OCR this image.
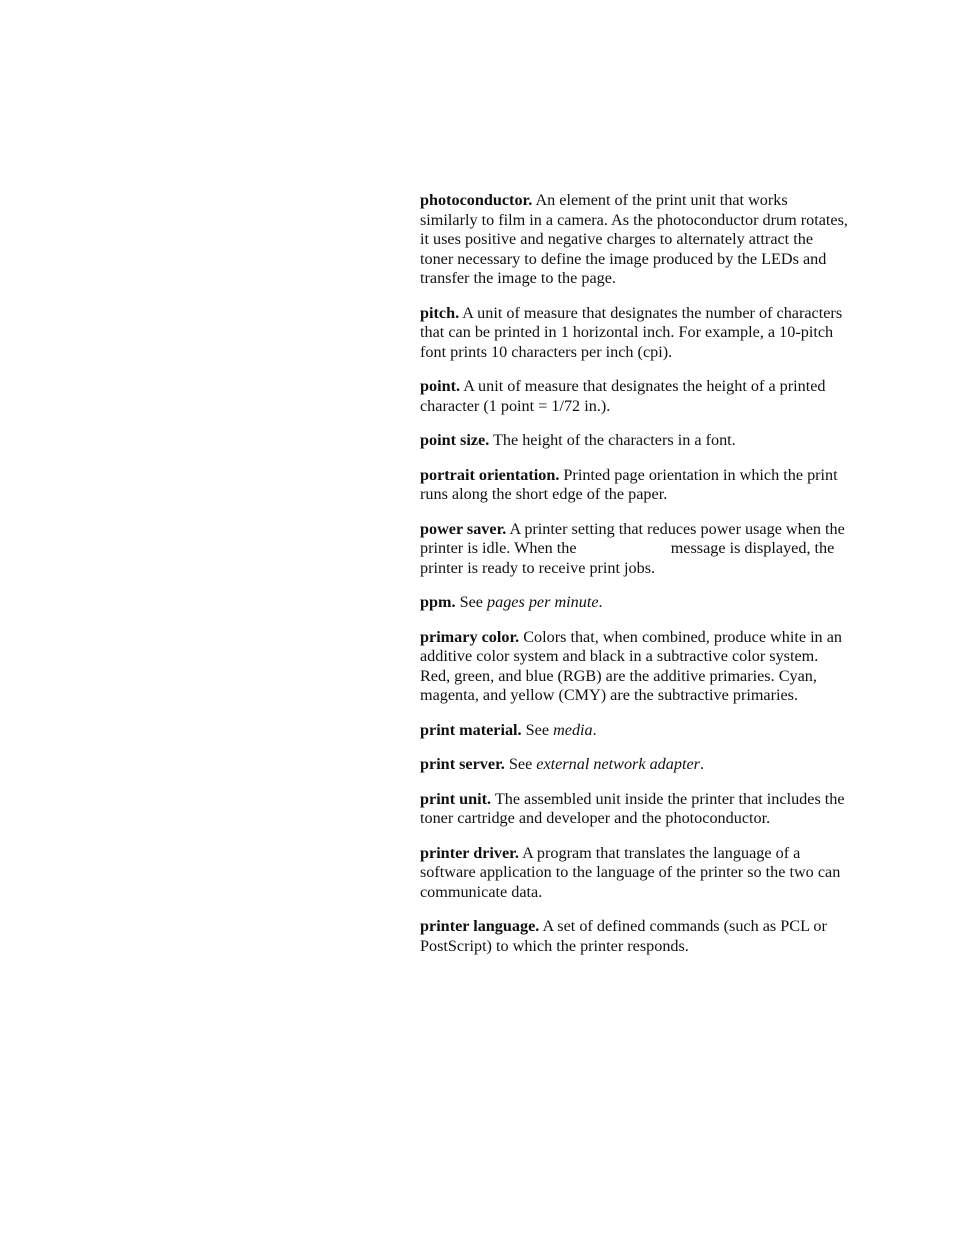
photoconductor. An element of the print unit that works similarly to film in a camera. As the photoconductor drum rotates, it uses positive and negative charges to alternately attract the toner necessary to define the image produced by the LEDs and transfer the image to the page.

pitch. A unit of measure that designates the number of characters that can be printed in 1 horizontal inch. For example, a 10-pitch font prints 10 characters per inch (cpi).

point. A unit of measure that designates the height of a printed character (1 point = 1/72 in.).

point size. The height of the characters in a font.

portrait orientation. Printed page orientation in which the print runs along the short edge of the paper.

power saver. A printer setting that reduces power usage when the printer is idle. When the	message is displayed, the printer is ready to receive print jobs.

ppm. See pages per minute.

primary color. Colors that, when combined, produce white in an additive color system and black in a subtractive color system. Red, green, and blue (RGB) are the additive primaries. Cyan, magenta, and yellow (CMY) are the subtractive primaries.

print material. See media.

print server. See external network adapter.

print unit. The assembled unit inside the printer that includes the toner cartridge and developer and the photoconductor.

printer driver. A program that translates the language of a software application to the language of the printer so the two can communicate data.

printer language. A set of defined commands (such as PCL or PostScript) to which the printer responds.
